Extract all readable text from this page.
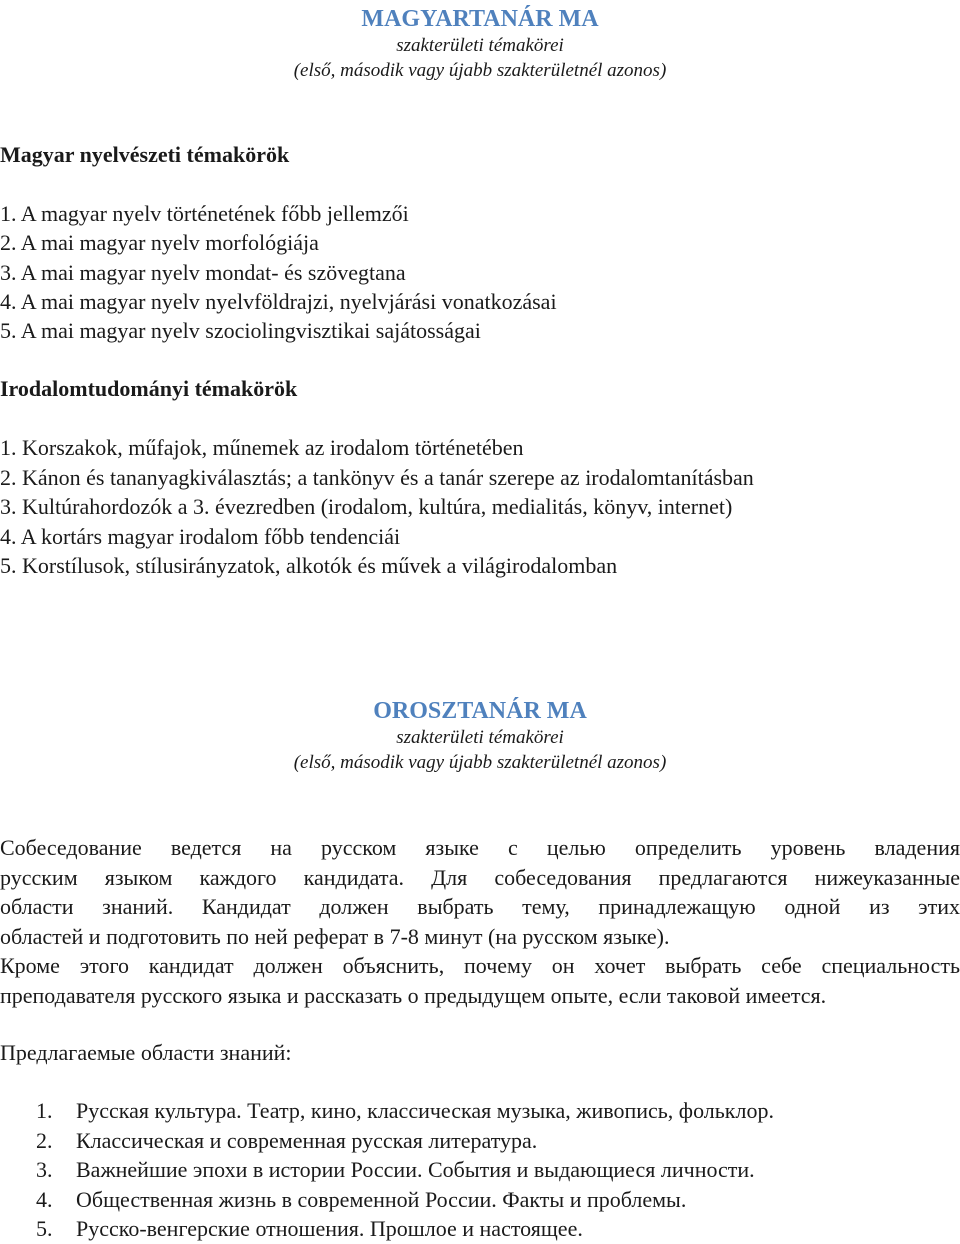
MAGYARTANÁR MA

szakterületi témakörei

(első, második vagy újabb szakterületnél azonos)

Magyar nyelvészeti témakörök
1. A magyar nyelv történetének főbb jellemzői
2. A mai magyar nyelv morfológiája
3. A mai magyar nyelv mondat- és szövegtana
4. A mai magyar nyelv nyelvföldrajzi, nyelvjárási vonatkozásai
5. A mai magyar nyelv szociolingvisztikai sajátosságai
Irodalomtudományi témakörök
1. Korszakok, műfajok, műnemek az irodalom történetében
2. Kánon és tananyagkiválasztás; a tankönyv és a tanár szerepe az irodalomtanításban
3. Kultúrahordozók a 3. évezredben (irodalom, kultúra, medialitás, könyv, internet)
4. A kortárs magyar irodalom főbb tendenciái
5. Korstílusok, stílusirányzatok, alkotók és művek a világirodalomban
OROSZTANÁR MA

szakterületi témakörei

(első, második vagy újabb szakterületnél azonos)

Собеседование ведется на русском языке с целью определить уровень владения
русским языком каждого кандидата. Для собеседования предлагаются нижеуказанные
области знаний. Кандидат должен выбрать тему, принадлежащую одной из этих
областей и подготовить по ней реферат в 7-8 минут (на русском языке).
Кроме этого кандидат должен объяснить, почему он хочет выбрать себе специальность
преподавателя русского языка и рассказать о предыдущем опыте, если таковой имеется.

Предлагаемые области знаний:

1. Русская культура. Театр, кино, классическая музыка, живопись, фольклор.
2. Классическая и современная русская литература.
3. Важнейшие эпохи в истории России. События и выдающиеся личности.
4. Общественная жизнь в современной России. Факты и проблемы.
5. Русско-венгерские отношения. Прошлое и настоящее.
